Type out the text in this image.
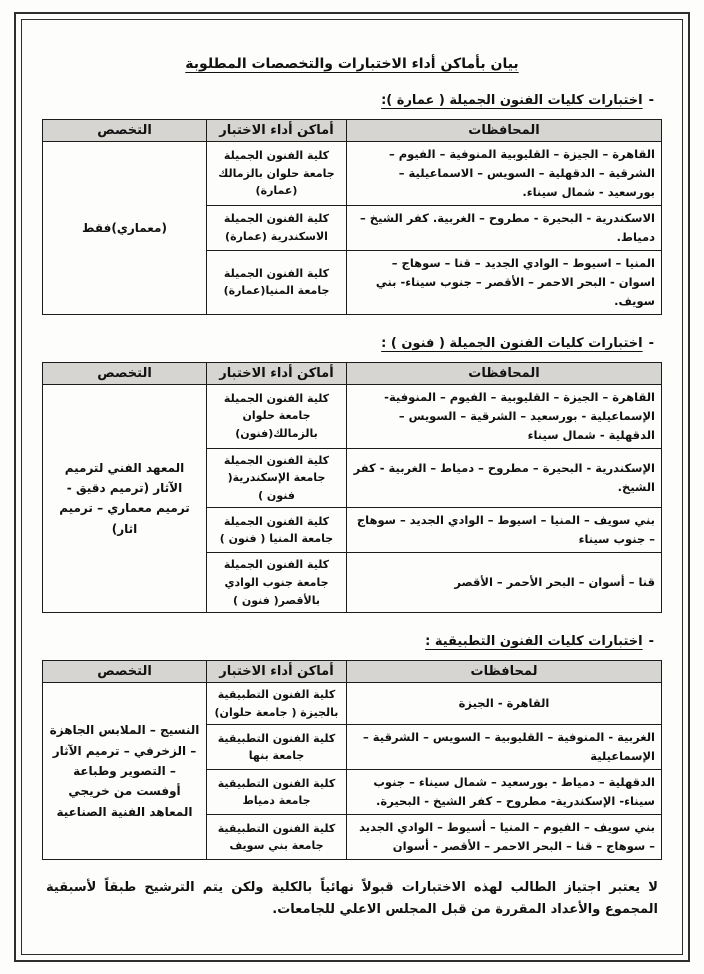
بيان بأماكن أداء الاختبارات والتخصصات المطلوبة
-اختبارات كليات الفنون الجميلة ( عمارة ):
المحافظات	أماكن أداء الاختبار	التخصص
القاهرة – الجيزة – القليوبية المنوفية – الفيوم – الشرقية – الدقهلية – السويس – الاسماعيلية – بورسعيد - شمال سيناء.	كلية الفنون الجميلة جامعة حلوان بالزمالك (عمارة)	(معماري)فقط
الاسكندرية - البحيرة - مطروح – الغربية. كفر الشيخ – دمياط.	كلية الفنون الجميلة الاسكندرية (عمارة)	
المنيا – اسيوط – الوادي الجديد – قنا – سوهاج – اسوان - البحر الاحمر – الأقصر – جنوب سيناء- بني سويف.	كلية الفنون الجميلة جامعة المنيا(عمارة)	
-اختبارات كليات الفنون الجميلة ( فنون ) :
المحافظات	أماكن أداء الاختبار	التخصص
القاهرة – الجيزة – القليوبية – الفيوم – المنوفية- الإسماعيلية - بورسعيد – الشرقية – السويس – الدقهلية - شمال سيناء	كلية الفنون الجميلة جامعة حلوان بالزمالك(فنون)	المعهد الفني لترميم الآثار (ترميم دقيق - ترميم معماري – ترميم اثار)
الإسكندرية - البحيرة – مطروح – دمياط – الغربية - كفر الشيخ.	كلية الفنون الجميلة جامعة الإسكندرية( فنون )	
بني سويف – المنيا – اسيوط – الوادي الجديد – سوهاج – جنوب سيناء	كلية الفنون الجميلة جامعة المنيا ( فنون )	
قنا – أسوان – البحر الأحمر – الأقصر	كلية الفنون الجميلة جامعة جنوب الوادي بالأقصر( فنون )	
-اختبارات كليات الفنون التطبيقية :
لمحافظات	أماكن أداء الاختبار	التخصص
القاهرة - الجيزة	كلية الفنون التطبيقية بالجيزة ( جامعة حلوان)	النسيج – الملابس الجاهزة – الزخرفي – ترميم الآثار – التصوير وطباعة أوفست من خريجي المعاهد الفنية الصناعية
الغربية - المنوفية – القليوبية – السويس – الشرقية – الإسماعيلية	كلية الفنون التطبيقية جامعة بنها	
الدقهلية – دمياط - بورسعيد – شمال سيناء – جنوب سيناء- الإسكندرية- مطروح – كفر الشيخ - البحيرة.	كلية الفنون التطبيقية جامعة دمياط	
بني سويف – الفيوم – المنيا – أسيوط – الوادي الجديد – سوهاج – قنا – البحر الاحمر – الأقصر - أسوان	كلية الفنون التطبيقية جامعة بني سويف	

لا يعتبر اجتياز الطالب لهذه الاختبارات قبولاً نهائياً بالكلية ولكن يتم الترشيح طبقاً لأسبقية المجموع والأعداد المقررة من قبل المجلس الاعلي للجامعات.
